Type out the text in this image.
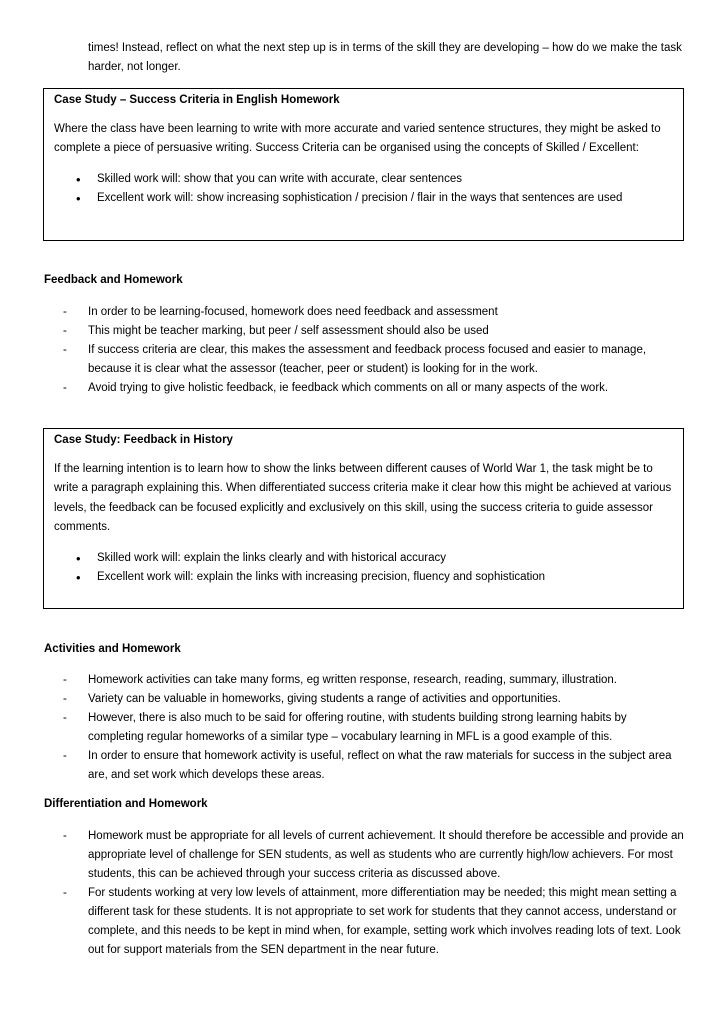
times! Instead, reflect on what the next step up is in terms of the skill they are developing – how do we make the task harder, not longer.
Case Study – Success Criteria in English Homework

Where the class have been learning to write with more accurate and varied sentence structures, they might be asked to complete a piece of persuasive writing. Success Criteria can be organised using the concepts of Skilled / Excellent:

• Skilled work will: show that you can write with accurate, clear sentences
• Excellent work will: show increasing sophistication / precision / flair in the ways that sentences are used
Feedback and Homework
- In order to be learning-focused, homework does need feedback and assessment
- This might be teacher marking, but peer / self assessment should also be used
- If success criteria are clear, this makes the assessment and feedback process focused and easier to manage, because it is clear what the assessor (teacher, peer or student) is looking for in the work.
- Avoid trying to give holistic feedback, ie feedback which comments on all or many aspects of the work.
Case Study: Feedback in History

If the learning intention is to learn how to show the links between different causes of World War 1, the task might be to write a paragraph explaining this. When differentiated success criteria make it clear how this might be achieved at various levels, the feedback can be focused explicitly and exclusively on this skill, using the success criteria to guide assessor comments.

• Skilled work will: explain the links clearly and with historical accuracy
• Excellent work will: explain the links with increasing precision, fluency and sophistication
Activities and Homework
- Homework activities can take many forms, eg written response, research, reading, summary, illustration.
- Variety can be valuable in homeworks, giving students a range of activities and opportunities.
- However, there is also much to be said for offering routine, with students building strong learning habits by completing regular homeworks of a similar type – vocabulary learning in MFL is a good example of this.
- In order to ensure that homework activity is useful, reflect on what the raw materials for success in the subject area are, and set work which develops these areas.
Differentiation and Homework
- Homework must be appropriate for all levels of current achievement. It should therefore be accessible and provide an appropriate level of challenge for SEN students, as well as students who are currently high/low achievers. For most students, this can be achieved through your success criteria as discussed above.
- For students working at very low levels of attainment, more differentiation may be needed; this might mean setting a different task for these students. It is not appropriate to set work for students that they cannot access, understand or complete, and this needs to be kept in mind when, for example, setting work which involves reading lots of text. Look out for support materials from the SEN department in the near future.
